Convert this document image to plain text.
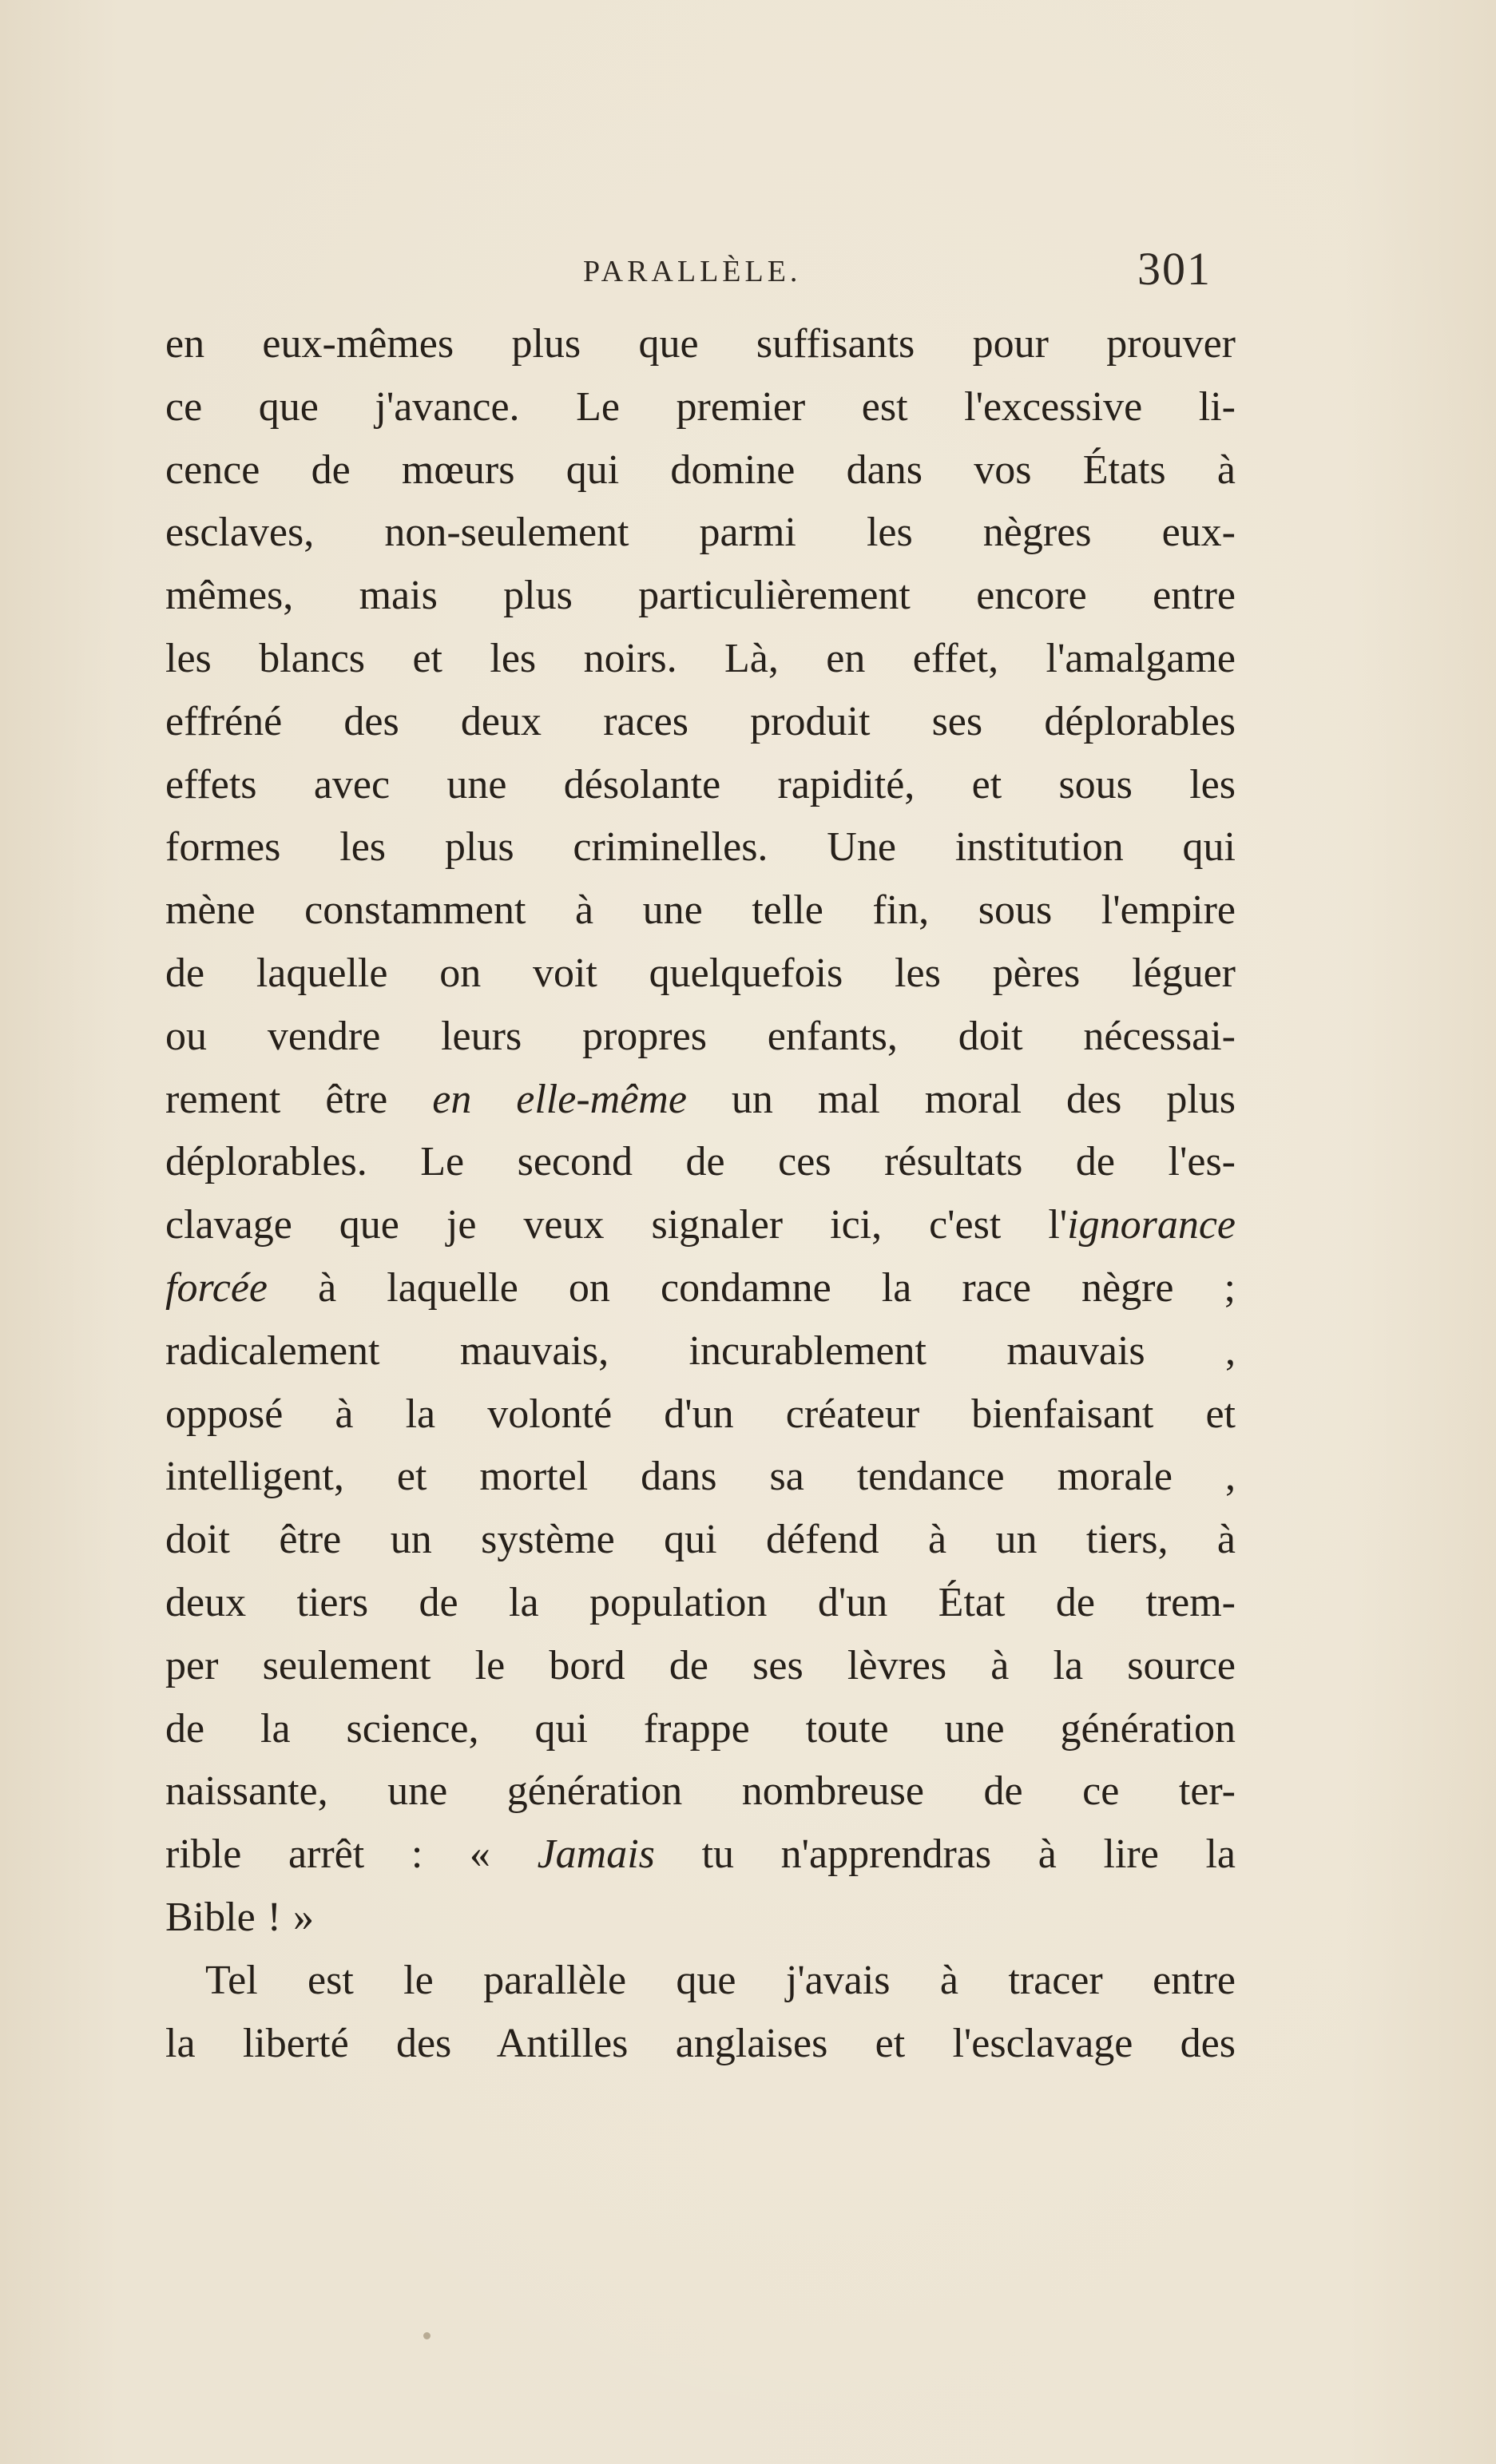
PARALLÈLE.	301
en eux-mêmes plus que suffisants pour prouver
ce que j'avance. Le premier est l'excessive li-
cence de mœurs qui domine dans vos États à
esclaves, non-seulement parmi les nègres eux-
mêmes, mais plus particulièrement encore entre
les blancs et les noirs. Là, en effet, l'amalgame
effréné des deux races produit ses déplorables
effets avec une désolante rapidité, et sous les
formes les plus criminelles. Une institution qui
mène constamment à une telle fin, sous l'empire
de laquelle on voit quelquefois les pères léguer
ou vendre leurs propres enfants, doit nécessai-
rement être en elle-même un mal moral des plus
déplorables. Le second de ces résultats de l'es-
clavage que je veux signaler ici, c'est l'ignorance
forcée à laquelle on condamne la race nègre ;
radicalement mauvais, incurablement mauvais ,
opposé à la volonté d'un créateur bienfaisant et
intelligent, et mortel dans sa tendance morale ,
doit être un système qui défend à un tiers, à
deux tiers de la population d'un État de trem-
per seulement le bord de ses lèvres à la source
de la science, qui frappe toute une génération
naissante, une génération nombreuse de ce ter-
rible arrêt : « Jamais tu n'apprendras à lire la
Bible ! »
Tel est le parallèle que j'avais à tracer entre
la liberté des Antilles anglaises et l'esclavage des
